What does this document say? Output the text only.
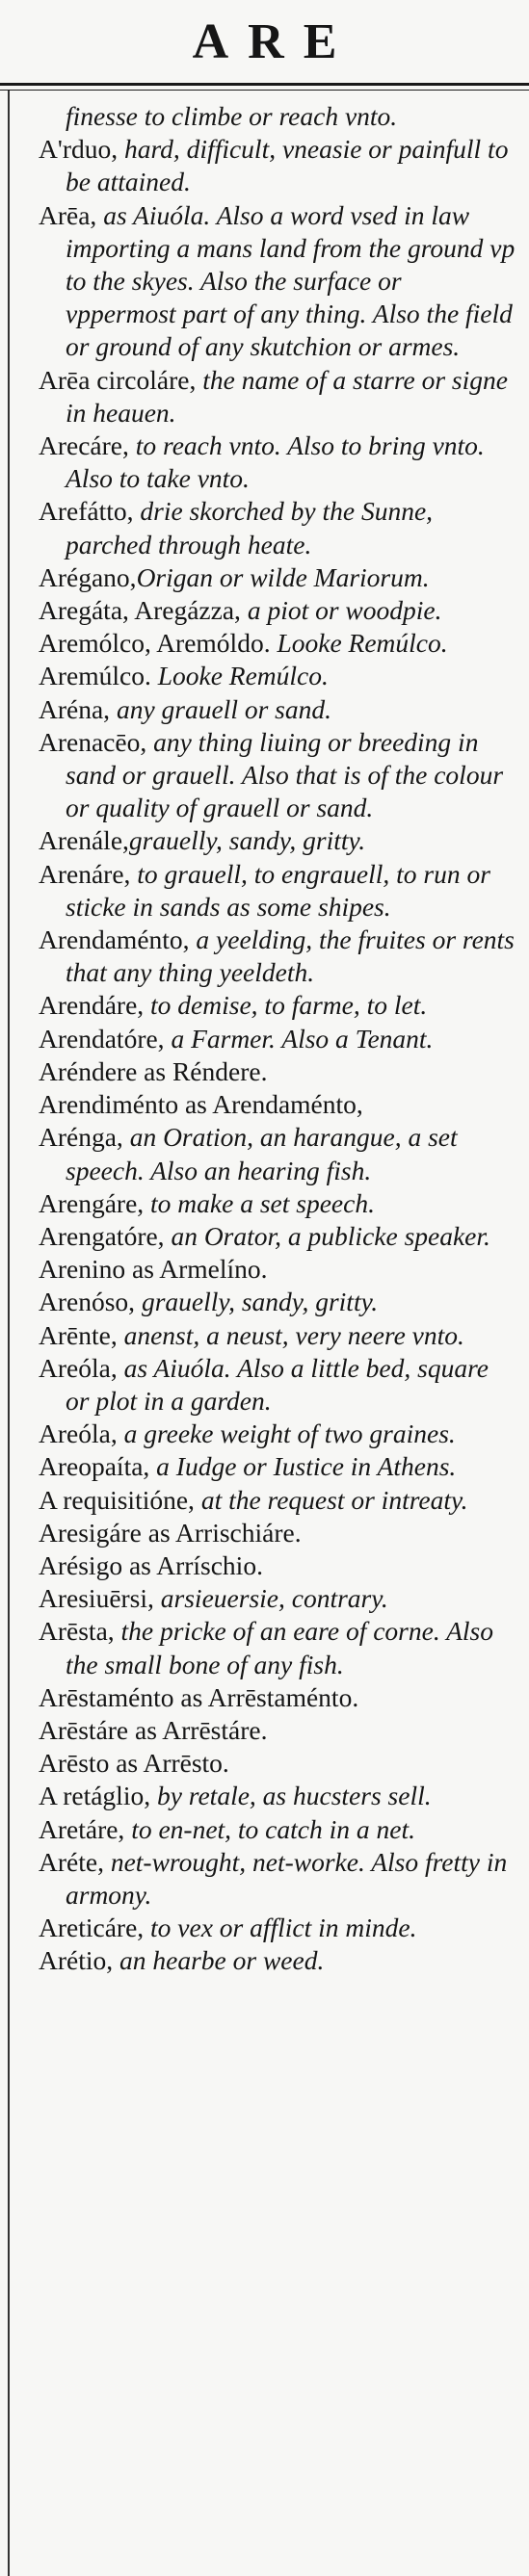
ARE

finesse to climbe or reach vnto.

A'rduo, hard, difficult, vneasie or painfull to be attained.

Arēa, as Aiuóla. Also a word vsed in law importing a mans land from the ground vp to the skyes. Also the surface or vppermost part of any thing. Also the field or ground of any skutchion or armes.

Arēa circoláre, the name of a starre or signe in heauen.

Arecáre, to reach vnto. Also to bring vnto. Also to take vnto.

Arefátto, drie skorched by the Sunne, parched through heate.

Arégano,Origan or wilde Mariorum.

Aregáta, Aregázza, a piot or woodpie.

Aremólco, Aremóldo. Looke Remúlco.

Aremúlco. Looke Remúlco.

Aréna, any grauell or sand.

Arenacēo, any thing liuing or breeding in sand or grauell. Also that is of the colour or quality of grauell or sand.

Arenále,grauelly, sandy, gritty.

Arenáre, to grauell, to engrauell, to run or sticke in sands as some shipes.

Arendaménto, a yeelding, the fruites or rents that any thing yeeldeth.

Arendáre, to demise, to farme, to let.

Arendatóre, a Farmer. Also a Tenant.

Aréndere as Réndere.

Arendiménto as Arendaménto,

Arénga, an Oration, an harangue, a set speech. Also an hearing fish.

Arengáre, to make a set speech.

Arengatóre, an Orator, a publicke speaker.

Arenino as Armelíno.

Arenóso, grauelly, sandy, gritty.

Arēnte, anenst, a neust, very neere vnto.

Areóla, as Aiuóla. Also a little bed, square or plot in a garden.

Areóla, a greeke weight of two graines.

Areopaíta, a Iudge or Iustice in Athens.

A requisitióne, at the request or intreaty.

Aresigáre as Arrischiáre.

Arésigo as Arríschio.

Aresiuērsi, arsieuersie, contrary.

Arēsta, the pricke of an eare of corne. Also the small bone of any fish.

Arēstaménto as Arrēstaménto.

Arēstáre as Arrēstáre.

Arēsto as Arrēsto.

A retáglio, by retale, as hucsters sell.

Aretáre, to en-net, to catch in a net.

Aréte, net-wrought, net-worke. Also fretty in armony.

Areticáre, to vex or afflict in minde.

Arétio, an hearbe or weed.
